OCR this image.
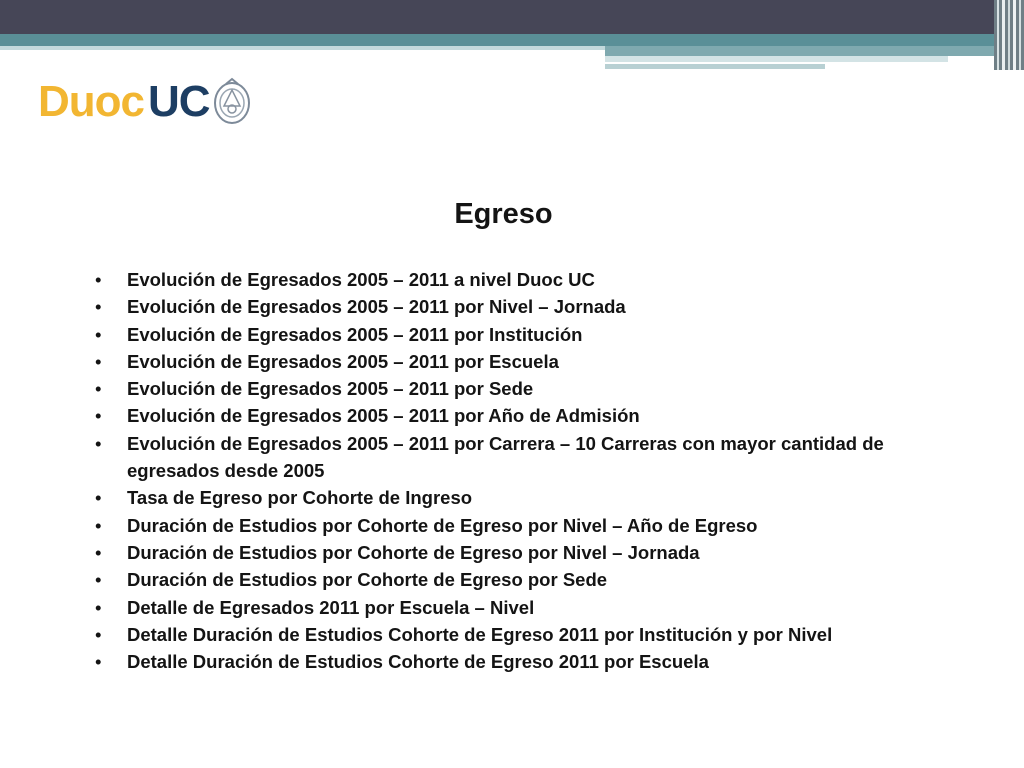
Duoc UC
Egreso
• Evolución de Egresados 2005 – 2011 a nivel Duoc UC
• Evolución de Egresados 2005 – 2011 por Nivel – Jornada
• Evolución de Egresados 2005 – 2011 por Institución
• Evolución de Egresados 2005 – 2011 por Escuela
• Evolución de Egresados 2005 – 2011 por Sede
• Evolución de Egresados 2005 – 2011 por Año de Admisión
• Evolución de Egresados 2005 – 2011 por Carrera – 10 Carreras con mayor cantidad de egresados desde 2005
• Tasa de Egreso por Cohorte de Ingreso
• Duración de Estudios por Cohorte de Egreso por Nivel – Año de Egreso
• Duración de Estudios por Cohorte de Egreso por Nivel – Jornada
• Duración de Estudios por Cohorte de Egreso por Sede
• Detalle de Egresados 2011 por Escuela – Nivel
• Detalle Duración de Estudios Cohorte de Egreso 2011 por Institución y por Nivel
• Detalle Duración de Estudios Cohorte de Egreso 2011 por Escuela
